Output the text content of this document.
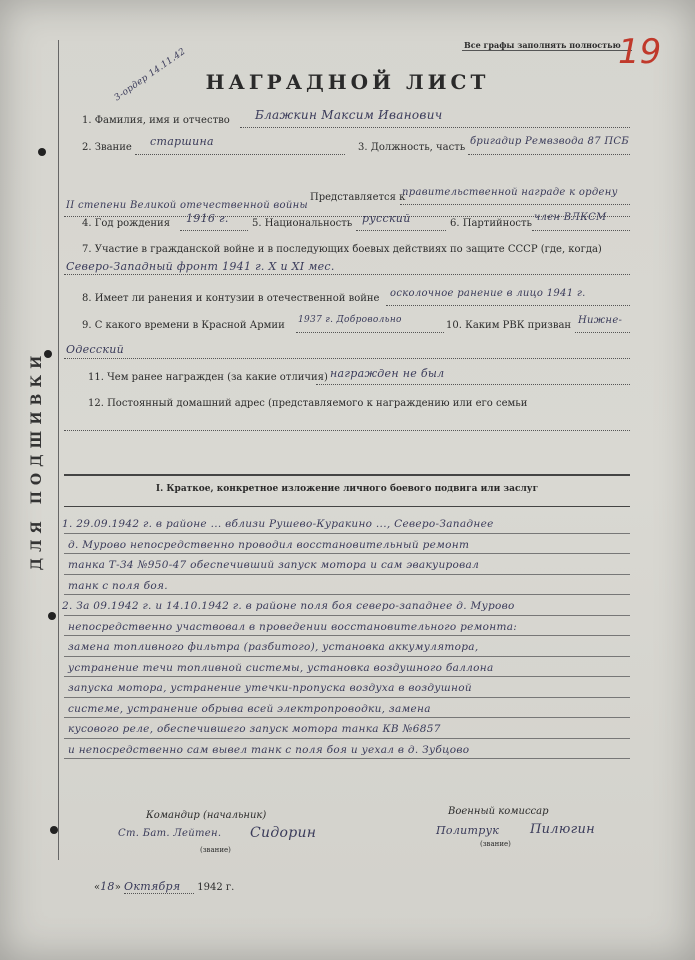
ДЛЯ ПОДШИВКИ
Все графы заполнять полностью
19
3-ордер 14.11.42 НАГРАДНОЙ ЛИСТ
1. Фамилия, имя и отчество Блажкин Максим Иванович
2. Звание старшина	3. Должность, часть
бригадир Ремвзвода 87 ПСБ
Представляется к
правительственной награде к ордену
II степени Великой отечественной войны
4. Год рождения 1916 г. 5. Национальность русский	6. Партийность
член ВЛКСМ
7. Участие в гражданской войне и в последующих боевых действиях по защите СССР (где, когда)
Северо-Западный фронт 1941 г. X и XI мес.
8. Имеет ли ранения и контузии в отечественной войне осколочное ранение в лицо 1941 г.
9. С какого времени в Красной Армии 1937 г. Добровольно	10. Каким РВК призван Нижне-
Одесский
11. Чем ранее награжден (за какие отличия) награжден не был
12. Постоянный домашний адрес (представляемого к награждению или его семьи
I. Краткое, конкретное изложение личного боевого подвига или заслуг
1. 29.09.1942 г. в районе ... вблизи Рушево-Куракино ..., Северо-Западнее
д. Мурово непосредственно проводил восстановительный ремонт
танка Т-34 №950-47 обеспечивший запуск мотора и сам эвакуировал
танк с поля боя.
2. За 09.1942 г. и 14.10.1942 г. в районе поля боя северо-западнее д. Мурово
непосредственно участвовал в проведении восстановительного ремонта:
замена топливного фильтра (разбитого), установка аккумулятора,
устранение течи топливной системы, установка воздушного баллона
запуска мотора, устранение утечки-пропуска воздуха в воздушной
системе, устранение обрыва всей электропроводки, замена
кусового реле, обеспечившего запуск мотора танка КВ №6857
и непосредственно сам вывел танк с поля боя и уехал в д. Зубцово
Командир (начальник)
Ст. Бат. Лейтен. Сидорин
(звание)
Военный комиссар
Политрук Пилюгин
(звание)
«18» Октября 1942 г.
